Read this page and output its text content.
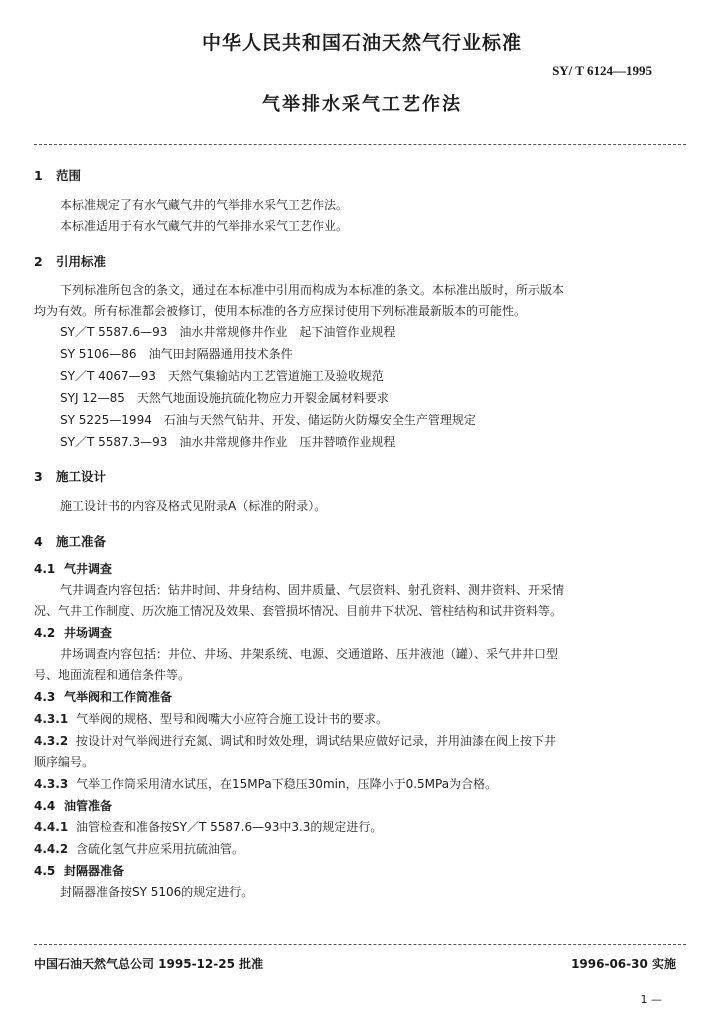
中华人民共和国石油天然气行业标准
SY/ T 6124—1995
气举排水采气工艺作法
1 范围
本标准规定了有水气藏气井的气举排水采气工艺作法。
本标准适用于有水气藏气井的气举排水采气工艺作业。
2 引用标准
下列标准所包含的条文，通过在本标准中引用而构成为本标准的条文。本标准出版时，所示版本
均为有效。所有标准都会被修订，使用本标准的各方应探讨使用下列标准最新版本的可能性。
SY／T 5587.6—93　油水井常规修井作业　起下油管作业规程
SY 5106—86　油气田封隔器通用技术条件
SY／T 4067—93　天然气集输站内工艺管道施工及验收规范
SYJ 12—85　天然气地面设施抗硫化物应力开裂金属材料要求
SY 5225—1994　石油与天然气钻井、开发、储运防火防爆安全生产管理规定
SY／T 5587.3—93　油水井常规修井作业　压井替喷作业规程
3 施工设计
施工设计书的内容及格式见附录A（标准的附录）。
4 施工准备
4.1 气井调查
气井调查内容包括：钻井时间、井身结构、固井质量、气层资料、射孔资料、测井资料、开采情
况、气井工作制度、历次施工情况及效果、套管损坏情况、目前井下状况、管柱结构和试井资料等。
4.2 井场调查
井场调查内容包括：井位、井场、井架系统、电源、交通道路、压井液池（罐）、采气井井口型
号、地面流程和通信条件等。
4.3 气举阀和工作筒准备
4.3.1 气举阀的规格、型号和阀嘴大小应符合施工设计书的要求。
4.3.2 按设计对气举阀进行充氮、调试和时效处理，调试结果应做好记录，并用油漆在阀上按下井
顺序编号。
4.3.3 气举工作筒采用清水试压，在15MPa下稳压30min，压降小于0.5MPa为合格。
4.4 油管准备
4.4.1 油管检查和准备按SY／T 5587.6—93中3.3的规定进行。
4.4.2 含硫化氢气井应采用抗硫油管。
4.5 封隔器准备
封隔器准备按SY 5106的规定进行。
中国石油天然气总公司 1995-12-25 批准	1996-06-30 实施
1 —
